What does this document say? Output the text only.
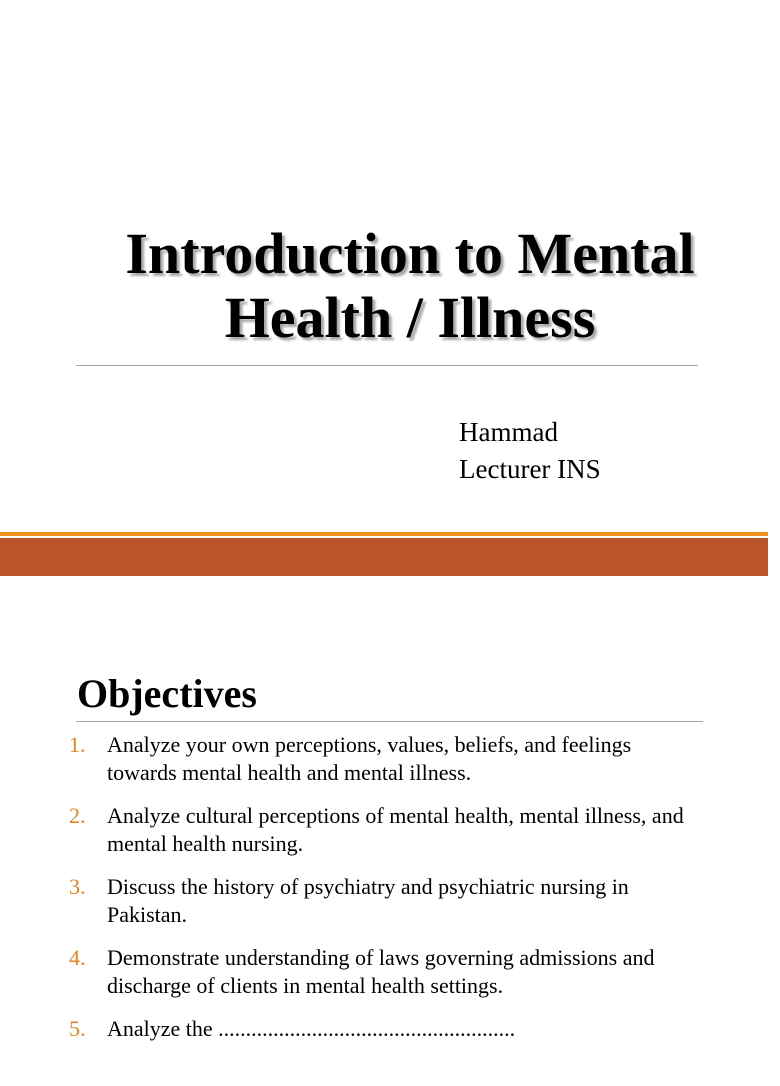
Introduction to Mental
Health / Illness
Hammad
Lecturer INS
Objectives
1. Analyze your own perceptions, values, beliefs, and feelings
towards mental health and mental illness.
2. Analyze cultural perceptions of mental health, mental illness, and
mental health nursing.
3. Discuss the history of psychiatry and psychiatric nursing in
Pakistan.
4. Demonstrate understanding of laws governing admissions and
discharge of clients in mental health settings.
5. Analyze the ......................................................
